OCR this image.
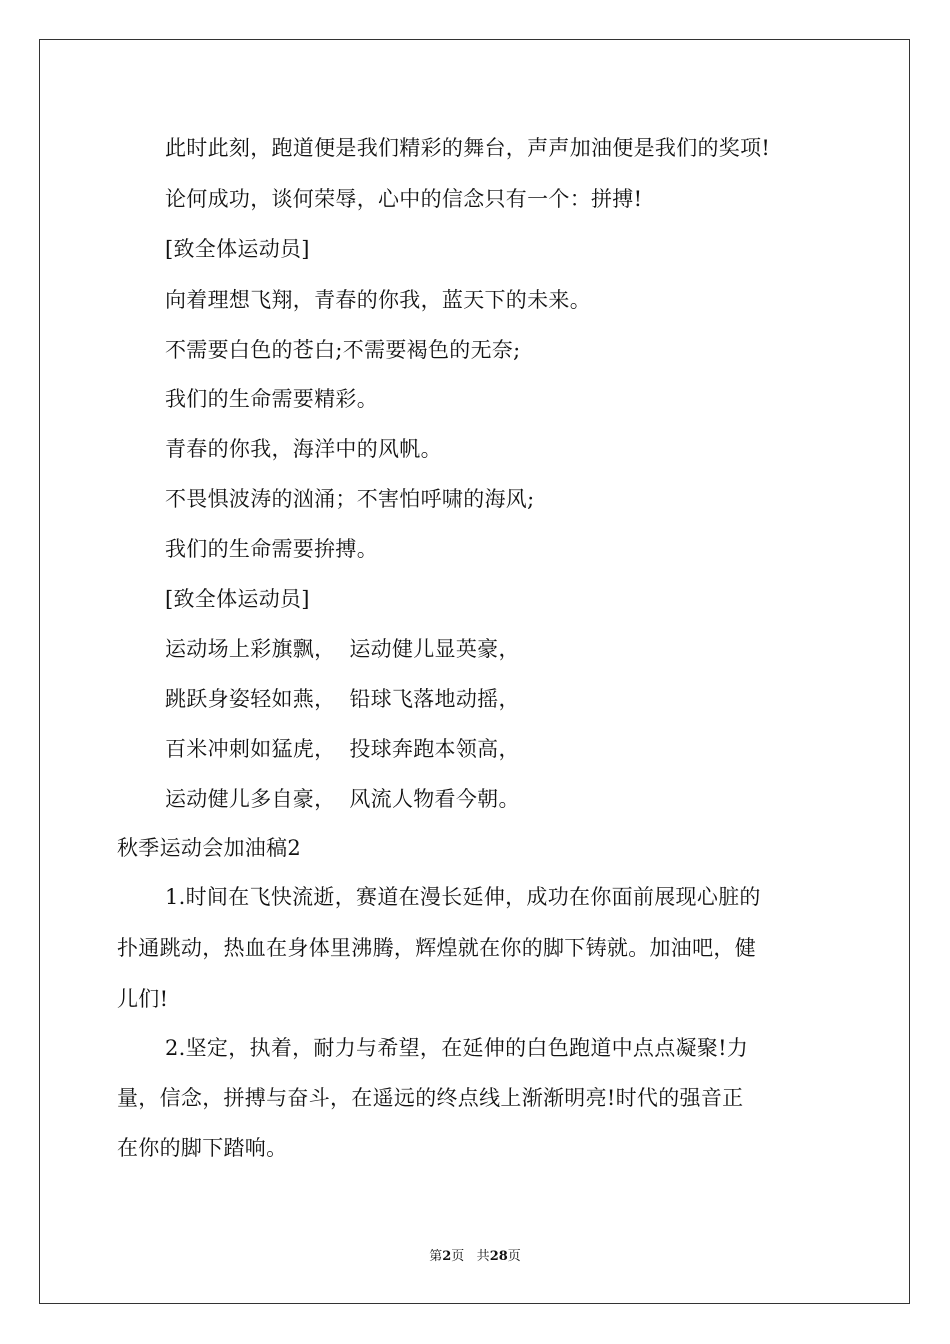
此时此刻，跑道便是我们精彩的舞台，声声加油便是我们的奖项!
论何成功，谈何荣辱，心中的信念只有一个：拼搏!
[致全体运动员]
向着理想飞翔，青春的你我，蓝天下的未来。
不需要白色的苍白;不需要褐色的无奈;
我们的生命需要精彩。
青春的你我，海洋中的风帆。
不畏惧波涛的汹涌；不害怕呼啸的海风;
我们的生命需要拚搏。
[致全体运动员]
运动场上彩旗飘，  运动健儿显英豪，
跳跃身姿轻如燕，  铅球飞落地动摇，
百米冲刺如猛虎，  投球奔跑本领高，
运动健儿多自豪，  风流人物看今朝。
秋季运动会加油稿2
1.时间在飞快流逝，赛道在漫长延伸，成功在你面前展现心脏的
扑通跳动，热血在身体里沸腾，辉煌就在你的脚下铸就。加油吧，健
儿们!
2.坚定，执着，耐力与希望，在延伸的白色跑道中点点凝聚!力
量，信念，拼搏与奋斗，在遥远的终点线上渐渐明亮!时代的强音正
在你的脚下踏响。
第2页 共28页
